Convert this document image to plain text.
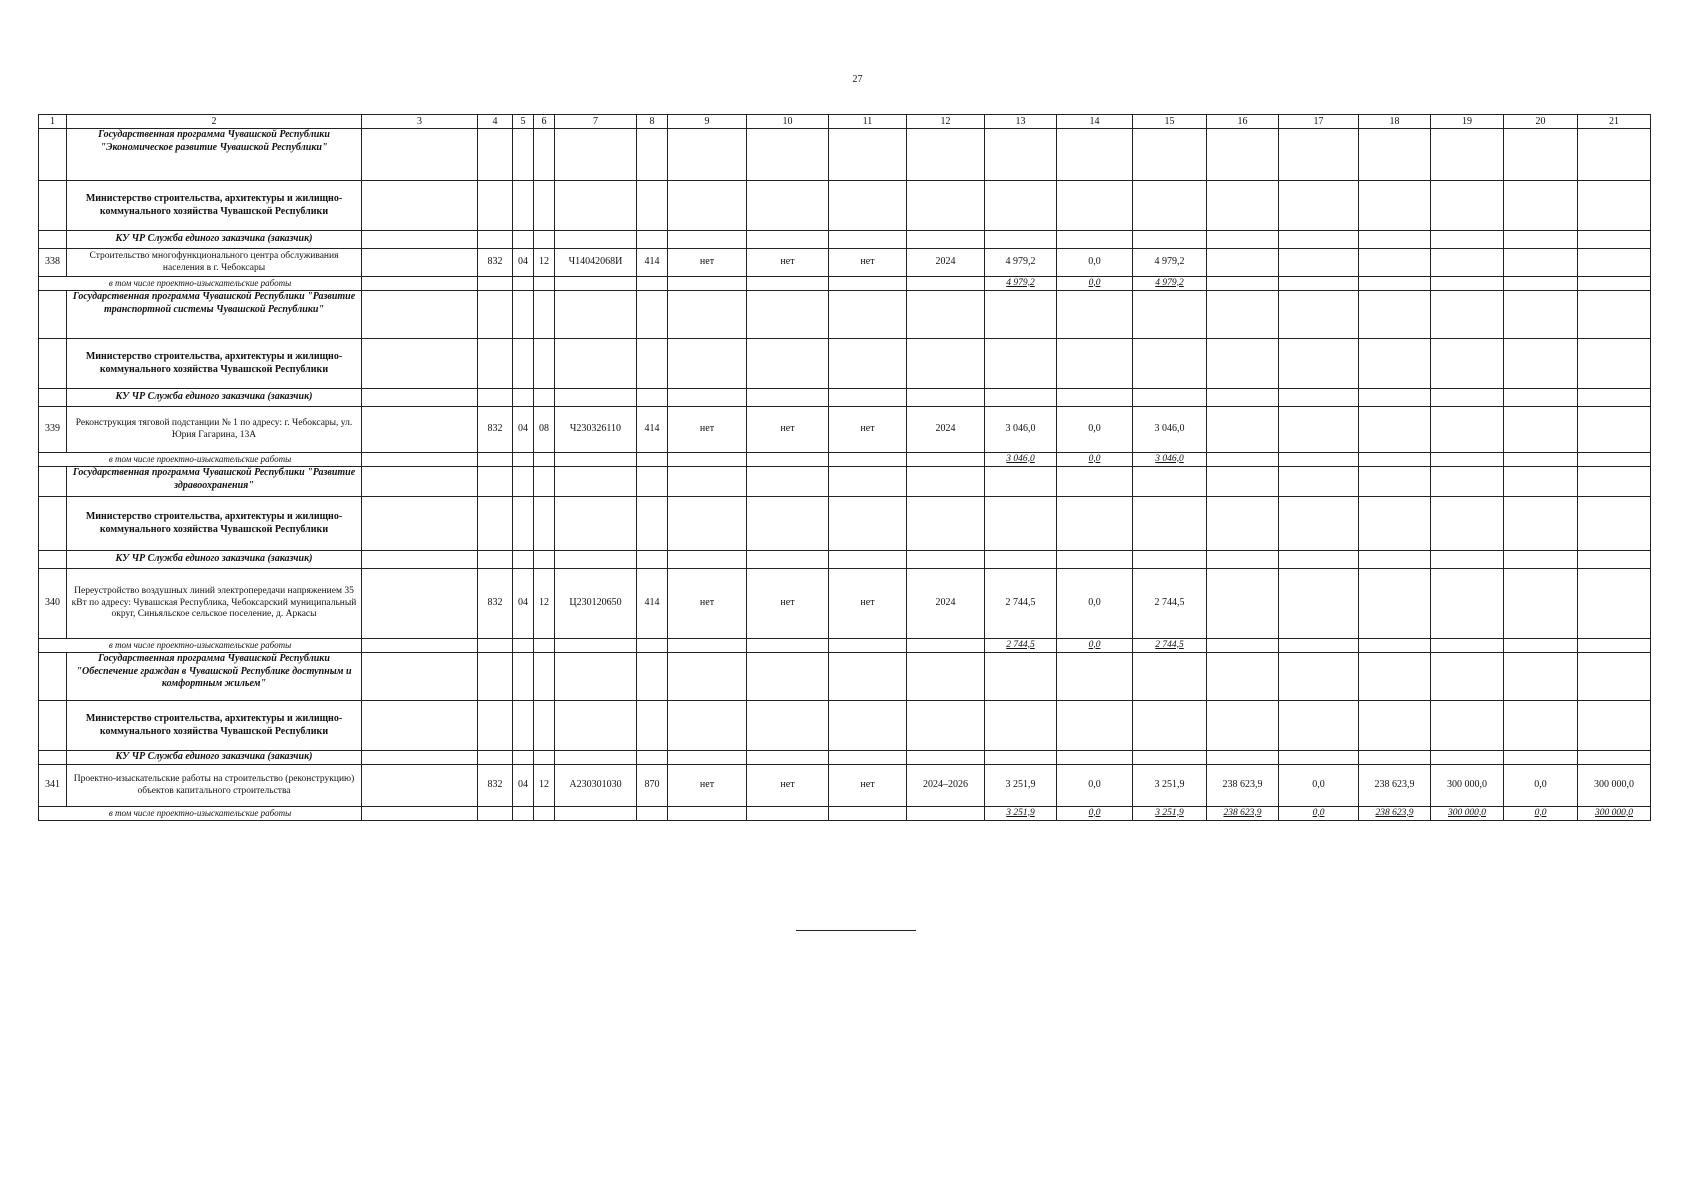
27
1	2	3	4	5	6	7	8	9	10	11	12	13	14	15	16	17	18	19	20	21
	Государственная программа Чувашской Республики "Экономическое развитие Чувашской Республики"																			
	Министерство строительства, архитектуры и жилищно-коммунального хозяйства Чувашской Республики																			
	КУ ЧР Служба единого заказчика (заказчик)																			
338	Строительство многофункционального центра обслуживания населения в г. Чебоксары		832	04	12	Ч14042068И	414	нет	нет	нет	2024	4 979,2	0,0	4 979,2						
в том числе проектно-изыскательские работы												4 979,2	0,0	4 979,2						
	Государственная программа Чувашской Республики "Развитие транспортной системы Чувашской Республики"																			
	Министерство строительства, архитектуры и жилищно-коммунального хозяйства Чувашской Республики																			
	КУ ЧР Служба единого заказчика (заказчик)																			
339	Реконструкция тяговой подстанции № 1 по адресу: г. Чебоксары, ул. Юрия Гагарина, 13А		832	04	08	Ч230326110	414	нет	нет	нет	2024	3 046,0	0,0	3 046,0						
в том числе проектно-изыскательские работы												3 046,0	0,0	3 046,0						
	Государственная программа Чувашской Республики "Развитие здравоохранения"																			
	Министерство строительства, архитектуры и жилищно-коммунального хозяйства Чувашской Республики																			
	КУ ЧР Служба единого заказчика (заказчик)																			
340	Переустройство воздушных линий электропередачи напряжением 35 кВт по адресу: Чувашская Республика, Чебоксарский муниципальный округ, Синьяльское сельское поселение, д. Аркасы		832	04	12	Ц230120650	414	нет	нет	нет	2024	2 744,5	0,0	2 744,5						
в том числе проектно-изыскательские работы												2 744,5	0,0	2 744,5						
	Государственная программа Чувашской Республики "Обеспечение граждан в Чувашской Республике доступным и комфортным жильем"																			
	Министерство строительства, архитектуры и жилищно-коммунального хозяйства Чувашской Республики																			
	КУ ЧР Служба единого заказчика (заказчик)																			
341	Проектно-изыскательские работы на строительство (реконструкцию) объектов капитального строительства		832	04	12	А230301030	870	нет	нет	нет	2024–2026	3 251,9	0,0	3 251,9	238 623,9	0,0	238 623,9	300 000,0	0,0	300 000,0
в том числе проектно-изыскательские работы												3 251,9	0,0	3 251,9	238 623,9	0,0	238 623,9	300 000,0	0,0	300 000,0
